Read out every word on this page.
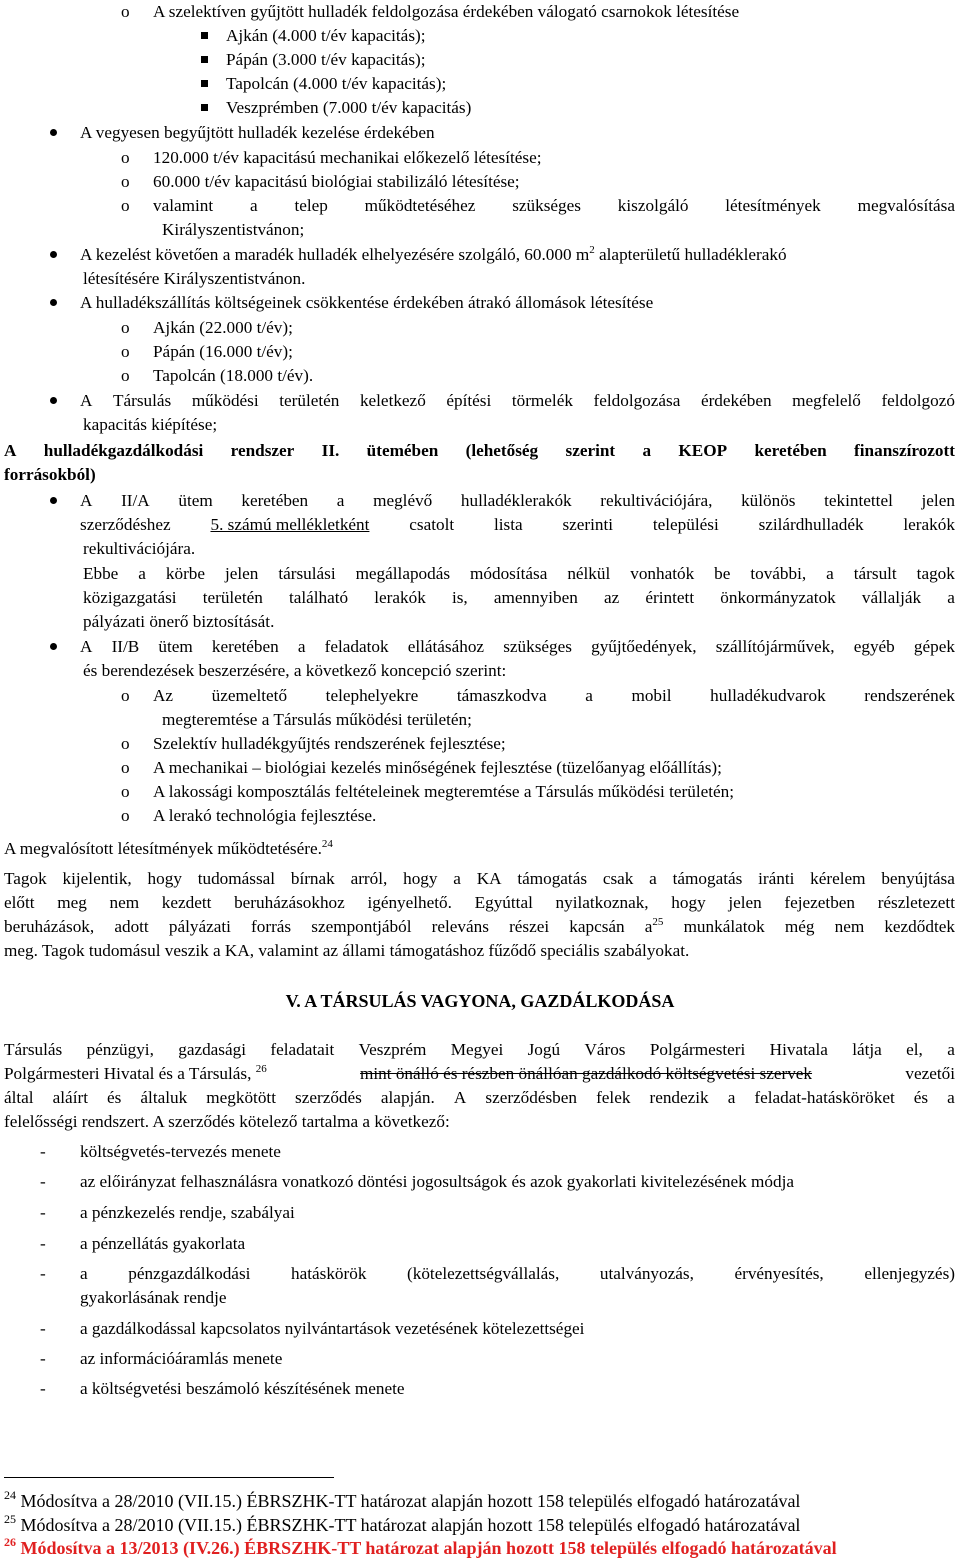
o A szelektíven gyűjtött hulladék feldolgozása érdekében válogató csarnokok létesítése
Ajkán (4.000 t/év kapacitás);
Pápán (3.000 t/év kapacitás);
Tapolcán (4.000 t/év kapacitás);
Veszprémben (7.000 t/év kapacitás)
A vegyesen begyűjtött hulladék kezelése érdekében
o 120.000 t/év kapacitású mechanikai előkezelő létesítése;
o 60.000 t/év kapacitású biológiai stabilizáló létesítése;
o valamint a telep működtetéséhez szükséges kiszolgáló létesítmények megvalósítása
Királyszentistvánon;
A kezelést követően a maradék hulladék elhelyezésére szolgáló, 60.000 $m^2$ alapterületű hulladéklerakó
létesítésére Királyszentistvánon.
A hulladékszállítás költségeinek csökkentése érdekében átrakó állomások létesítése
o Ajkán (22.000 t/év);
o Pápán (16.000 t/év);
o Tapolcán (18.000 t/év).
A Társulás működési területén keletkező építési törmelék feldolgozása érdekében megfelelő feldolgozó
kapacitás kiépítése;
A hulladékgazdálkodási rendszer II. ütemében (lehetőség szerint a KEOP keretében finanszírozott
forrásokból)
A II/A ütem keretében a meglévő hulladéklerakók rekultivációjára, különös tekintettel jelen
szerződéshez 5. számú mellékletként csatolt lista szerinti települési szilárdhulladék lerakók
rekultivációjára.
Ebbe a körbe jelen társulási megállapodás módosítása nélkül vonhatók be további, a társult tagok
közigazgatási területén található lerakók is, amennyiben az érintett önkormányzatok vállalják a
pályázati önerő biztosítását.
A II/B ütem keretében a feladatok ellátásához szükséges gyűjtőedények, szállítójárművek, egyéb gépek
és berendezések beszerzésére, a következő koncepció szerint:
o Az üzemeltető telephelyekre támaszkodva a mobil hulladékudvarok rendszerének
megteremtése a Társulás működési területén;
o Szelektív hulladékgyűjtés rendszerének fejlesztése;
o A mechanikai – biológiai kezelés minőségének fejlesztése (tüzelőanyag előállítás);
o A lakossági komposztálás feltételeinek megteremtése a Társulás működési területén;
o A lerakó technológia fejlesztése.
A megvalósított létesítmények működtetésére.$^{24}$
Tagok kijelentik, hogy tudomással bírnak arról, hogy a KA támogatás csak a támogatás iránti kérelem benyújtása
előtt meg nem kezdett beruházásokhoz igényelhető. Egyúttal nyilatkoznak, hogy jelen fejezetben részletezett
beruházások, adott pályázati forrás szempontjából releváns részei kapcsán $a^{25}$ munkálatok még nem kezdődtek
meg. Tagok tudomásul veszik a KA, valamint az állami támogatáshoz fűződő speciális szabályokat.
V. A TÁRSULÁS VAGYONA, GAZDÁLKODÁSA
Társulás pénzügyi, gazdasági feladatait Veszprém Megyei Jogú Város Polgármesteri Hivatala látja el, a
Polgármesteri Hivatal és a Társulás, $^{26}$	mint önálló és részben önállóan gazdálkodó költségvetési szervek	vezetői
által aláírt és általuk megkötött szerződés alapján. A szerződésben felek rendezik a feladat-hatásköröket és a
felelősségi rendszert. A szerződés kötelező tartalma a következő:
- költségvetés-tervezés menete
- az előirányzat felhasználásra vonatkozó döntési jogosultságok és azok gyakorlati kivitelezésének módja
- a pénzkezelés rendje, szabályai
- a pénzellátás gyakorlata
- a pénzgazdálkodási hatáskörök (kötelezettségvállalás, utalványozás, érvényesítés, ellenjegyzés)
gyakorlásának rendje
- a gazdálkodással kapcsolatos nyilvántartások vezetésének kötelezettségei
- az információáramlás menete
- a költségvetési beszámoló készítésének menete
$^{24}$ Módosítva a 28/2010 (VII.15.) ÉBRSZHK-TT határozat alapján hozott 158 település elfogadó határozatával
$^{25}$ Módosítva a 28/2010 (VII.15.) ÉBRSZHK-TT határozat alapján hozott 158 település elfogadó határozatával
$^{26}$ Módosítva a 13/2013 (IV.26.) ÉBRSZHK-TT határozat alapján hozott 158 település elfogadó határozatával
